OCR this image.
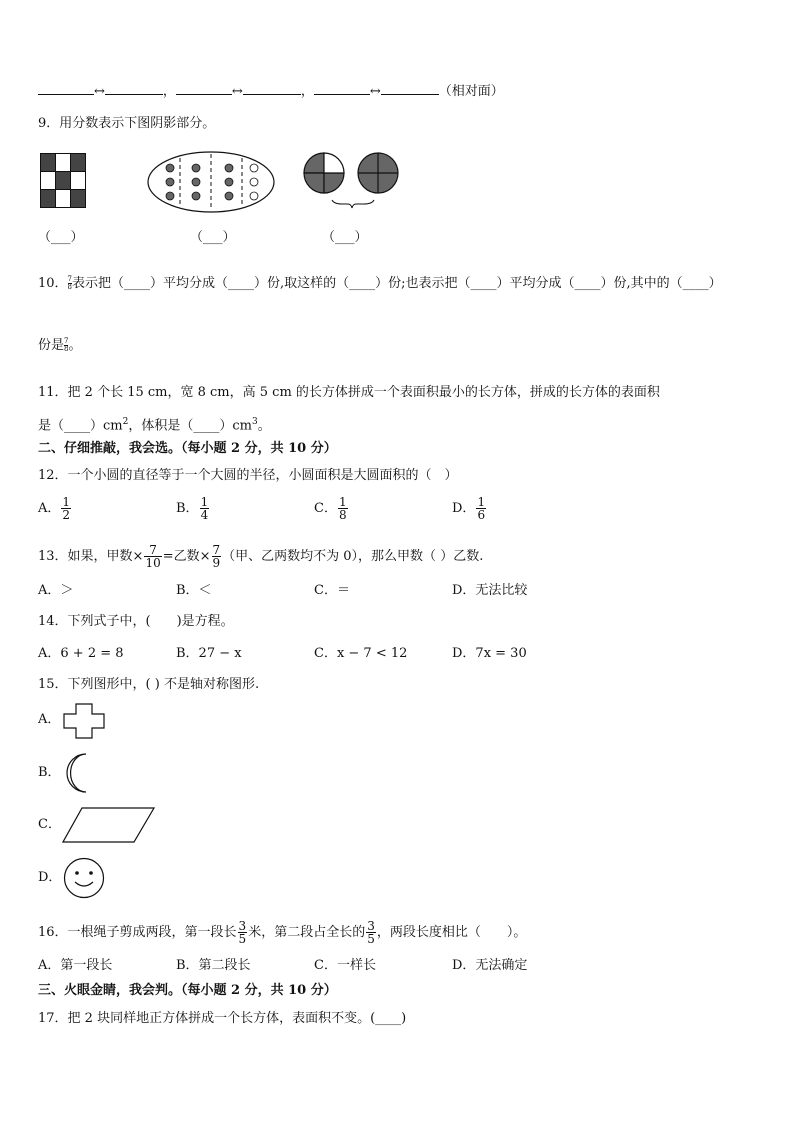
↔	，	↔	，	↔	（相对面）
9．用分数表示下图阴影部分。
（___）	（___）	（___）
10． $\frac{7}{8}$ 表示把（____）平均分成（____）份,取这样的（____）份;也表示把（____）平均分成（____）份,其中的（____）
份是 $\frac{7}{8}$ 。
11．把 2 个长 15 cm，宽 8 cm，高 5 cm 的长方体拼成一个表面积最小的长方体，拼成的长方体的表面积
是$(\_\_\_\_)cm^2$，体积是$(\_\_\_\_)cm^3$。
二、仔细推敲，我会选。（每小题 2 分，共 10 分）
12．一个小圆的直径等于一个大圆的半径，小圆面积是大圆面积的（　）
A． $\frac{1}{2}$	B． $\frac{1}{4}$	C． $\frac{1}{8}$	D． $\frac{1}{6}$
13．如果，甲数× $\frac{7}{10}$ =乙数× $\frac{7}{9}$ （甲、乙两数均不为 0），那么甲数（ ）乙数.
A．＞	B．＜	C．＝	D．无法比较
14．下列式子中，(　　)是方程。
A．6 + 2 = 8	B．27 − x	C．x − 7 < 12	D．7x = 30
15．下列图形中，( ) 不是轴对称图形.
A．
B．
C．
D．
16．一根绳子剪成两段，第一段长 $\frac{3}{5}$ 米，第二段占全长的 $\frac{3}{5}$ ，两段长度相比（　　）。
A．第一段长	B．第二段长	C．一样长	D．无法确定
三、火眼金睛，我会判。（每小题 2 分，共 10 分）
17．把 2 块同样地正方体拼成一个长方体，表面积不变。(____)
